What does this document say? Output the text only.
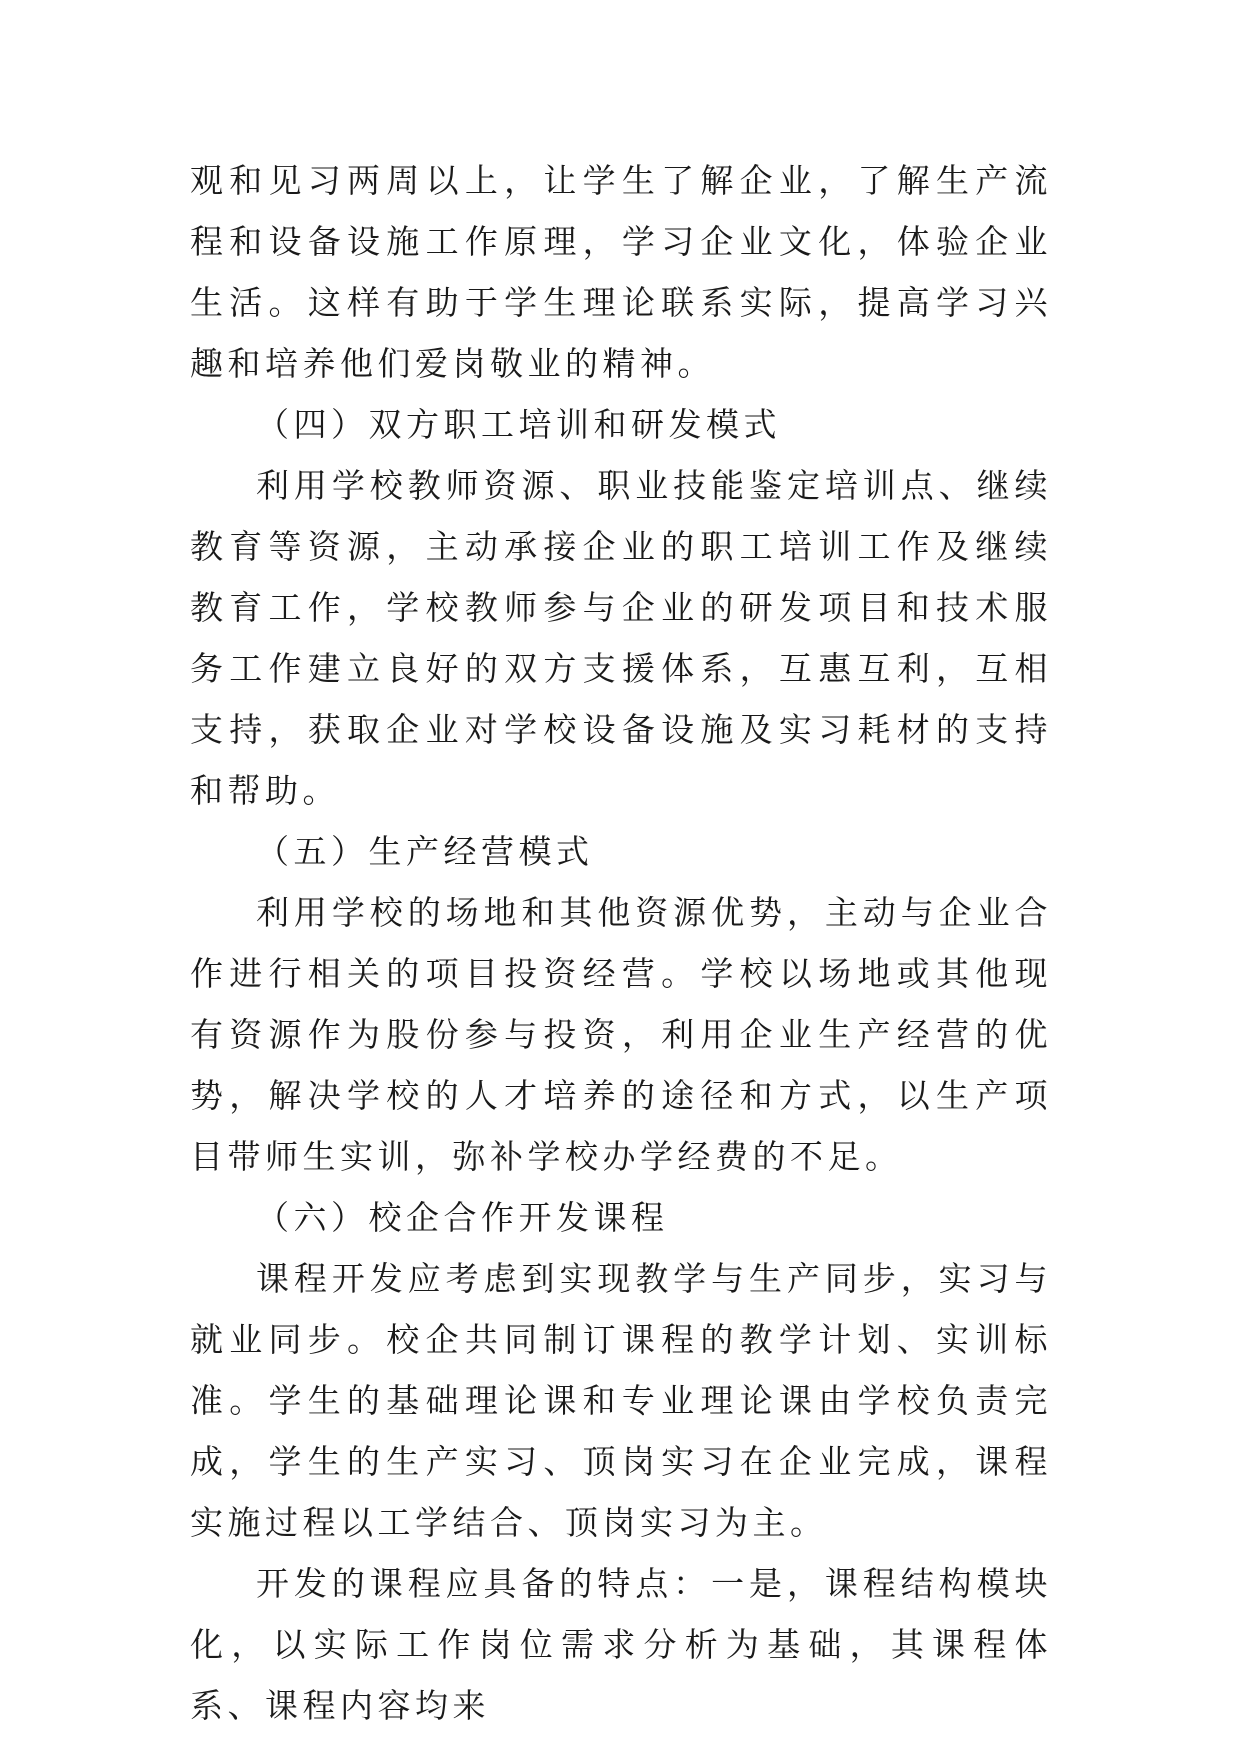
观和见习两周以上，让学生了解企业，了解生产流程和设备设施工作原理，学习企业文化，体验企业生活。这样有助于学生理论联系实际，提高学习兴趣和培养他们爱岗敬业的精神。

（四）双方职工培训和研发模式

利用学校教师资源、职业技能鉴定培训点、继续教育等资源，主动承接企业的职工培训工作及继续教育工作，学校教师参与企业的研发项目和技术服务工作建立良好的双方支援体系，互惠互利，互相支持，获取企业对学校设备设施及实习耗材的支持和帮助。

（五）生产经营模式

利用学校的场地和其他资源优势，主动与企业合作进行相关的项目投资经营。学校以场地或其他现有资源作为股份参与投资，利用企业生产经营的优势，解决学校的人才培养的途径和方式，以生产项目带师生实训，弥补学校办学经费的不足。

（六）校企合作开发课程

课程开发应考虑到实现教学与生产同步，实习与就业同步。校企共同制订课程的教学计划、实训标准。学生的基础理论课和专业理论课由学校负责完成，学生的生产实习、顶岗实习在企业完成，课程实施过程以工学结合、顶岗实习为主。

开发的课程应具备的特点：一是，课程结构模块化，以实际工作岗位需求分析为基础，其课程体系、课程内容均来
